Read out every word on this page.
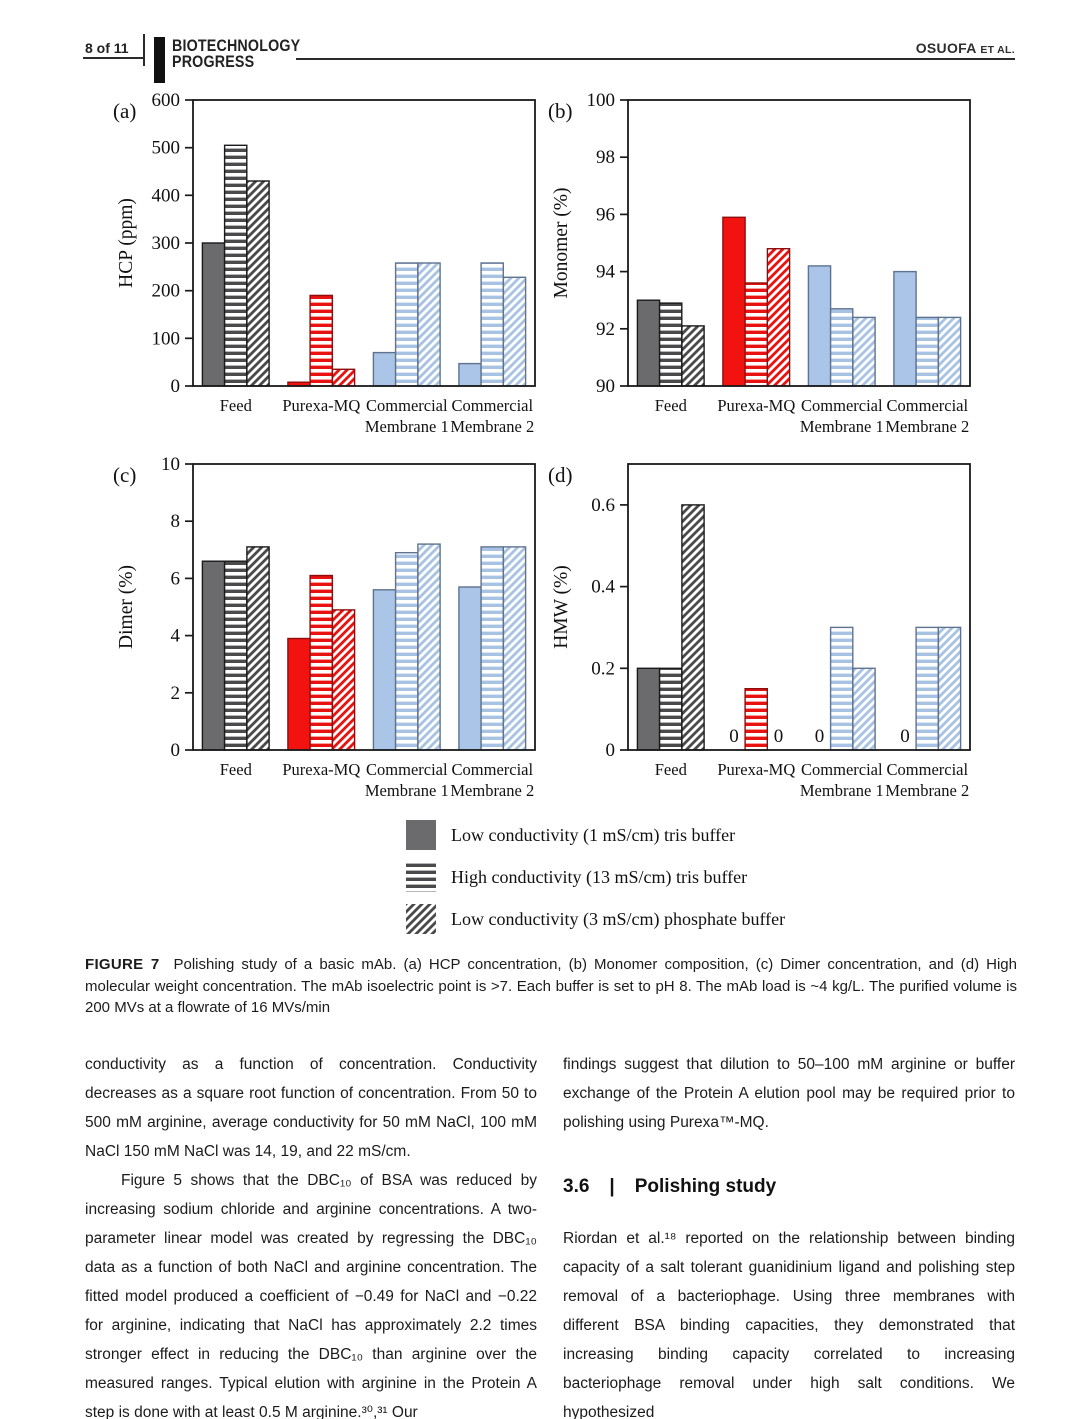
8 of 11	BIOTECHNOLOGY
PROGRESS
OSUOFA ET AL.
Feed Purexa-MQ Commercial
Membrane 1
Commercial
Membrane 2
0
100
200
300
400
500
600
(a)
HCP (ppm)
Feed Purexa-MQ Commercial
Membrane 1
Commercial
Membrane 2
90
92
94
96
98
100
(b)
Monomer (%)
Feed Purexa-MQ Commercial
Membrane 1
Commercial
Membrane 2
0
2
4
6
8
10
(c)
Dimer (%)
Feed
0 0
Purexa-MQ
0
Commercial
Membrane 1
0
Commercial
Membrane 2
0
0.2
0.4
0.6
(d)
HMW (%)
Low conductivity (1 mS/cm) tris buffer
High conductivity (13 mS/cm) tris buffer
Low conductivity (3 mS/cm) phosphate buffer
FIGURE 7 Polishing study of a basic mAb. (a) HCP concentration, (b) Monomer composition, (c) Dimer concentration, and (d) High molecular weight concentration. The mAb isoelectric point is >7. Each buffer is set to pH 8. The mAb load is ~4 kg/L. The purified volume is 200 MVs at a flowrate of 16 MVs/min

conductivity as a function of concentration. Conductivity decreases as a square root function of concentration. From 50 to 500 mM arginine, average conductivity for 50 mM NaCl, 100 mM NaCl 150 mM NaCl was 14, 19, and 22 mS/cm.

Figure 5 shows that the DBC₁₀ of BSA was reduced by increasing sodium chloride and arginine concentrations. A two-parameter linear model was created by regressing the DBC₁₀ data as a function of both NaCl and arginine concentration. The fitted model produced a coefficient of −0.49 for NaCl and −0.22 for arginine, indicating that NaCl has approximately 2.2 times stronger effect in reducing the DBC₁₀ than arginine over the measured ranges. Typical elution with arginine in the Protein A step is done with at least 0.5 M arginine.³⁰,³¹ Our

findings suggest that dilution to 50–100 mM arginine or buffer exchange of the Protein A elution pool may be required prior to polishing using Purexa™-MQ.

3.6 | Polishing study

Riordan et al.¹⁸ reported on the relationship between binding capacity of a salt tolerant guanidinium ligand and polishing step removal of a bacteriophage. Using three membranes with different BSA binding capacities, they demonstrated that increasing binding capacity correlated to increasing bacteriophage removal under high salt conditions. We hypothesized
